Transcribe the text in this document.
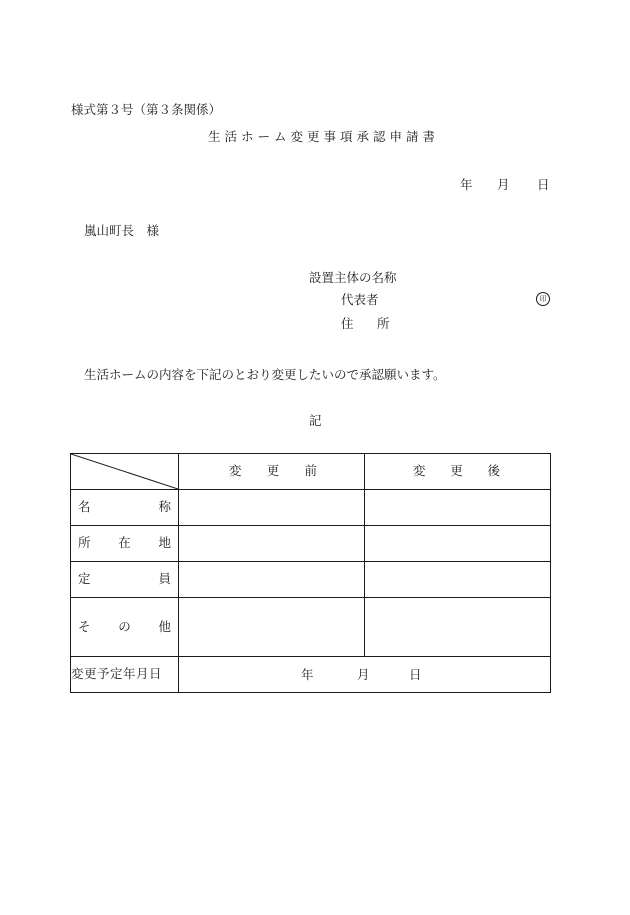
様式第３号（第３条関係）
生活ホーム変更事項承認申請書
年 月 日
嵐山町長　様
設置主体の名称
代表者	印
住 所
生活ホームの内容を下記のとおり変更したいので承認願います。
記

変 更 前	変 更 後

名 称		

所 在 地		

定 員		

そ の 他		

変更予定年月日	年 月 日	
